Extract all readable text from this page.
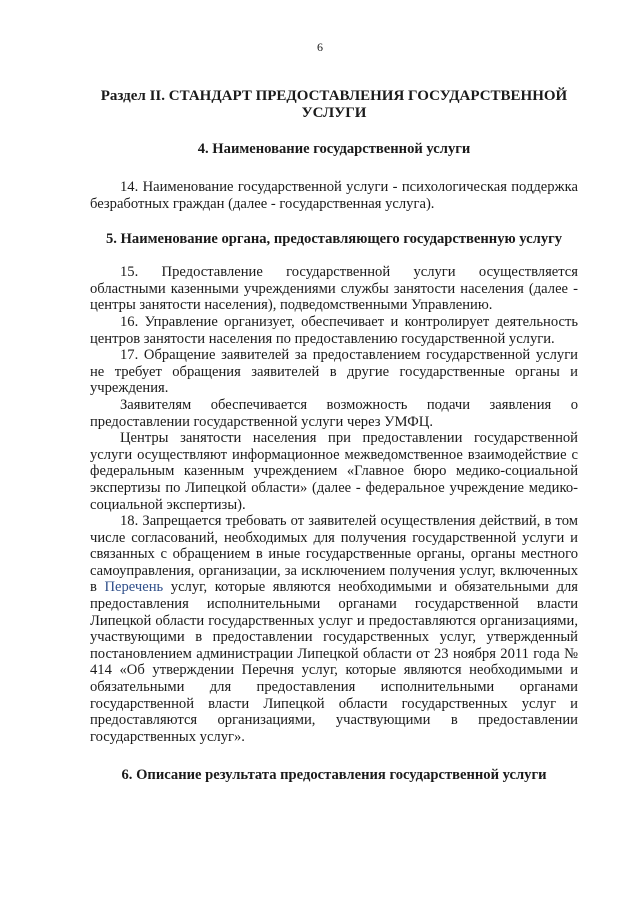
6

Раздел II. СТАНДАРТ ПРЕДОСТАВЛЕНИЯ ГОСУДАРСТВЕННОЙ УСЛУГИ

4. Наименование государственной услуги

14. Наименование государственной услуги - психологическая поддержка безработных граждан (далее - государственная услуга).

5. Наименование органа, предоставляющего государственную услугу

15. Предоставление государственной услуги осуществляется областными казенными учреждениями службы занятости населения (далее - центры занятости населения), подведомственными Управлению.

16. Управление организует, обеспечивает и контролирует деятельность центров занятости населения по предоставлению государственной услуги.

17. Обращение заявителей за предоставлением государственной услуги не требует обращения заявителей в другие государственные органы и учреждения.

Заявителям обеспечивается возможность подачи заявления о предоставлении государственной услуги через УМФЦ.

Центры занятости населения при предоставлении государственной услуги осуществляют информационное межведомственное взаимодействие с федеральным казенным учреждением «Главное бюро медико-социальной экспертизы по Липецкой области» (далее - федеральное учреждение медико-социальной экспертизы).

18. Запрещается требовать от заявителей осуществления действий, в том числе согласований, необходимых для получения государственной услуги и связанных с обращением в иные государственные органы, органы местного самоуправления, организации, за исключением получения услуг, включенных в Перечень услуг, которые являются необходимыми и обязательными для предоставления исполнительными органами государственной власти Липецкой области государственных услуг и предоставляются организациями, участвующими в предоставлении государственных услуг, утвержденный постановлением администрации Липецкой области от 23 ноября 2011 года № 414 «Об утверждении Перечня услуг, которые являются необходимыми и обязательными для предоставления исполнительными органами государственной власти Липецкой области государственных услуг и предоставляются организациями, участвующими в предоставлении государственных услуг».

6. Описание результата предоставления государственной услуги
